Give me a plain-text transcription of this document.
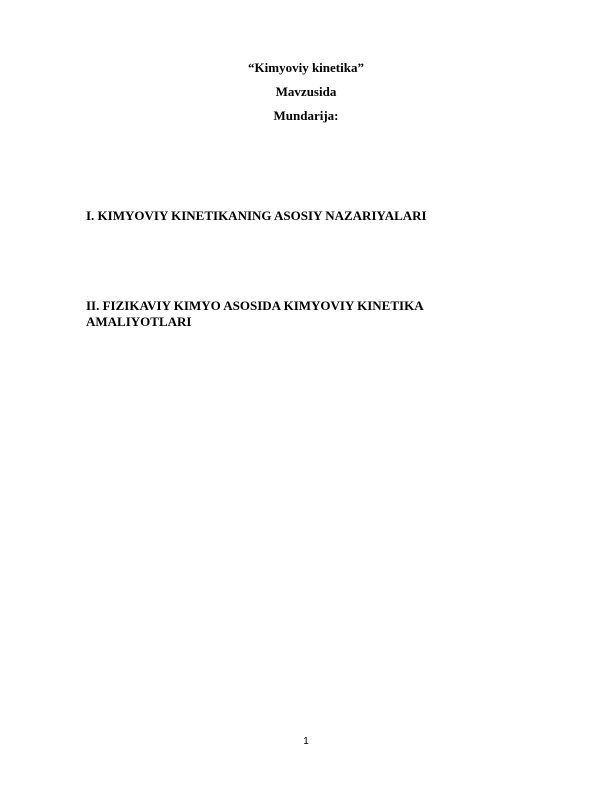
“Kimyoviy kinetika”
Mavzusida
Mundarija:
I. KIMYOVIY KINETIKANING ASOSIY NAZARIYALARI
II. FIZIKAVIY KIMYO ASOSIDA KIMYOVIY KINETIKA
AMALIYOTLARI
1
